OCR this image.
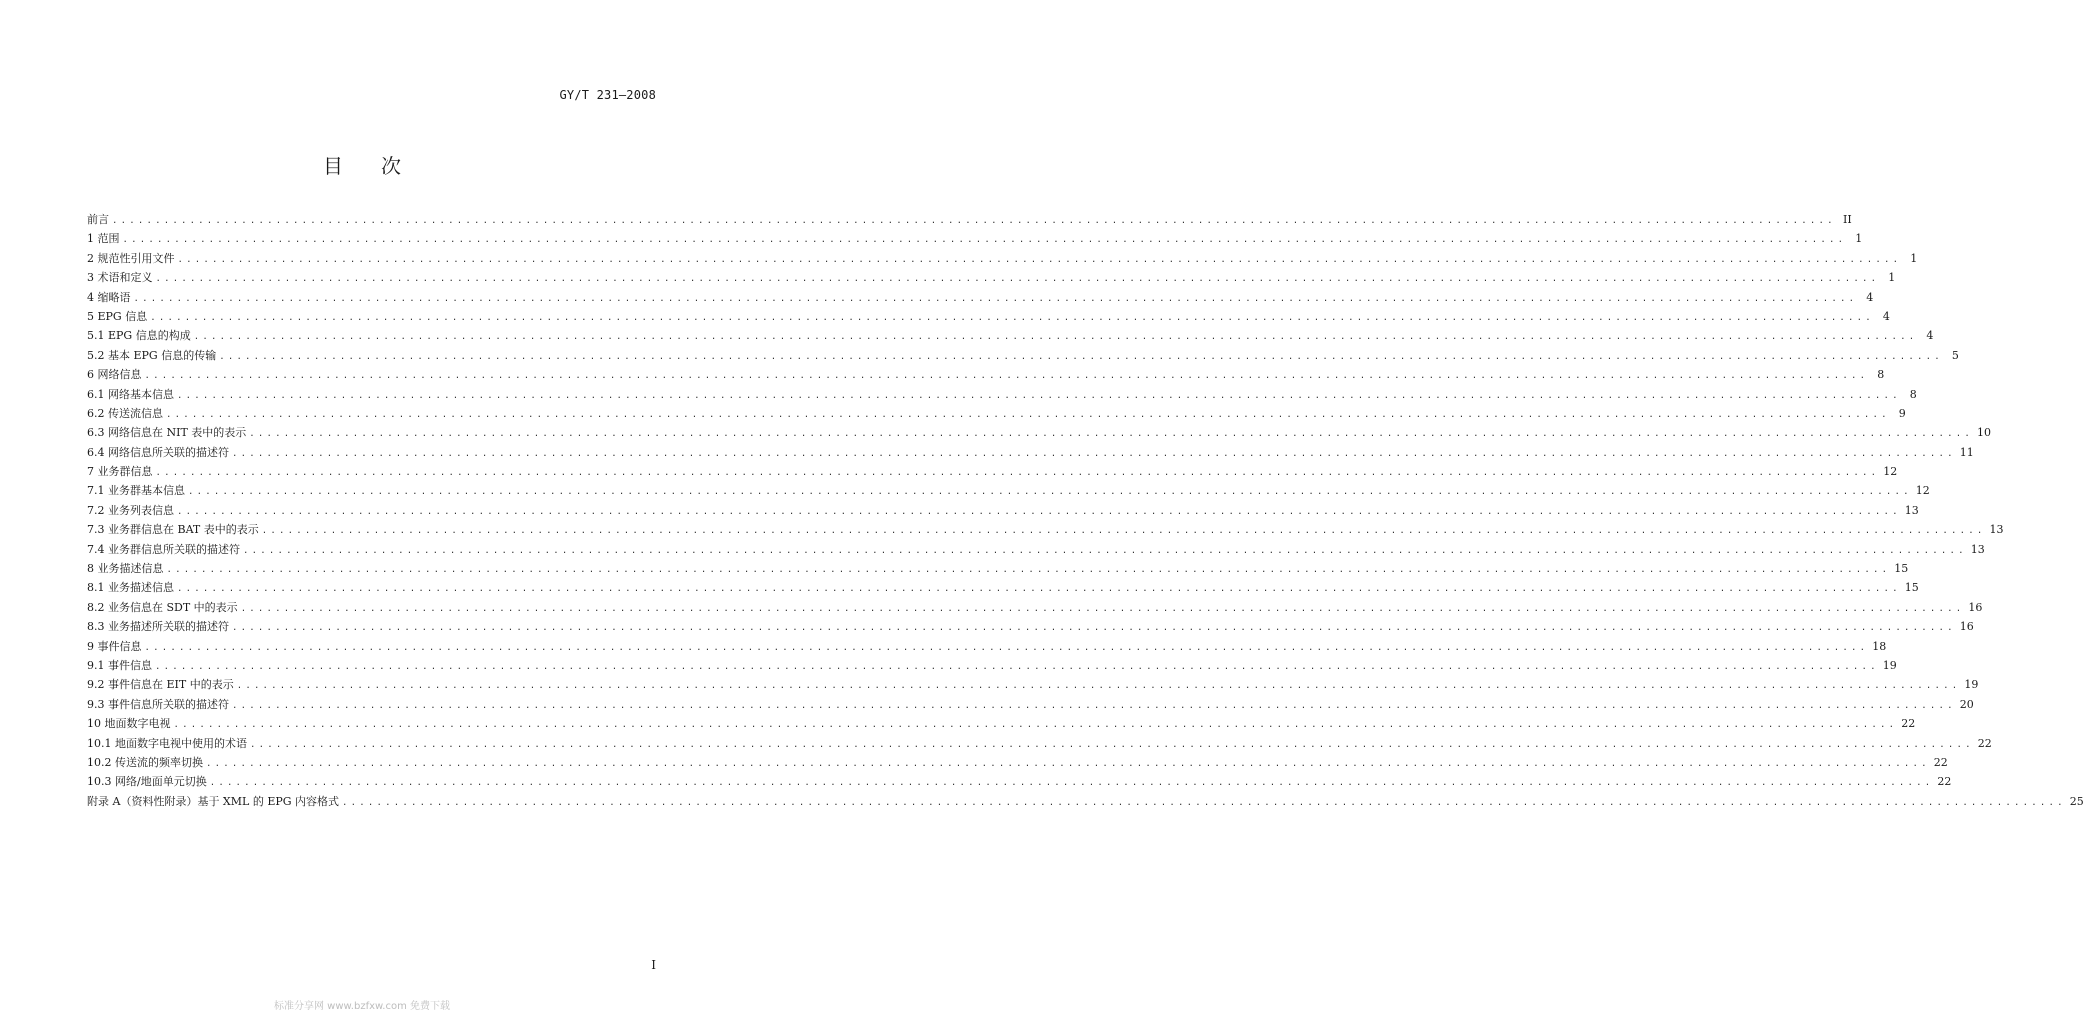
GY/T 231—2008
目 次
前言 ........................................................................................................................................................................................................ II
1 范围 ........................................................................................................................................................................................................ 1
2 规范性引用文件 ........................................................................................................................................................................................................ 1
3 术语和定义 ........................................................................................................................................................................................................ 1
4 缩略语 ........................................................................................................................................................................................................ 4
5 EPG 信息 ........................................................................................................................................................................................................ 4
5.1 EPG 信息的构成 ........................................................................................................................................................................................................ 4
5.2 基本 EPG 信息的传输 ........................................................................................................................................................................................................ 5
6 网络信息 ........................................................................................................................................................................................................ 8
6.1 网络基本信息 ........................................................................................................................................................................................................ 8
6.2 传送流信息 ........................................................................................................................................................................................................ 9
6.3 网络信息在 NIT 表中的表示 ........................................................................................................................................................................................................ 10
6.4 网络信息所关联的描述符 ........................................................................................................................................................................................................ 11
7 业务群信息 ........................................................................................................................................................................................................ 12
7.1 业务群基本信息 ........................................................................................................................................................................................................ 12
7.2 业务列表信息 ........................................................................................................................................................................................................ 13
7.3 业务群信息在 BAT 表中的表示 ........................................................................................................................................................................................................ 13
7.4 业务群信息所关联的描述符 ........................................................................................................................................................................................................ 13
8 业务描述信息 ........................................................................................................................................................................................................ 15
8.1 业务描述信息 ........................................................................................................................................................................................................ 15
8.2 业务信息在 SDT 中的表示 ........................................................................................................................................................................................................ 16
8.3 业务描述所关联的描述符 ........................................................................................................................................................................................................ 16
9 事件信息 ........................................................................................................................................................................................................ 18
9.1 事件信息 ........................................................................................................................................................................................................ 19
9.2 事件信息在 EIT 中的表示 ........................................................................................................................................................................................................ 19
9.3 事件信息所关联的描述符 ........................................................................................................................................................................................................ 20
10 地面数字电视 ........................................................................................................................................................................................................ 22
10.1 地面数字电视中使用的术语 ........................................................................................................................................................................................................ 22
10.2 传送流的频率切换 ........................................................................................................................................................................................................ 22
10.3 网络/地面单元切换 ........................................................................................................................................................................................................ 22
附录 A（资料性附录）基于 XML 的 EPG 内容格式 ........................................................................................................................................................................................................ 25
I
标准分享网 www.bzfxw.com 免费下载
